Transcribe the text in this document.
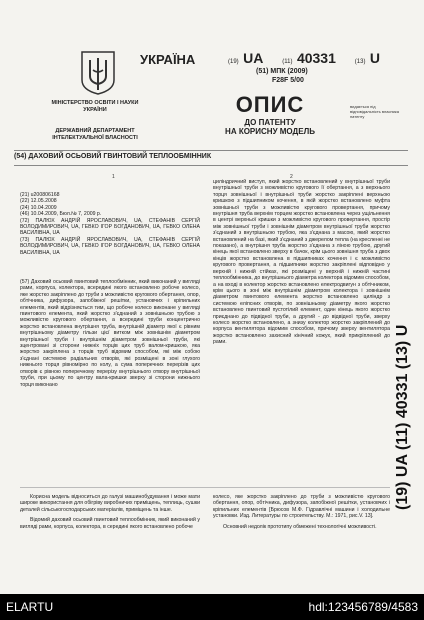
УКРАЇНА
МІНІСТЕРСТВО ОСВІТИ І НАУКИ УКРАЇНИ
ДЕРЖАВНИЙ ДЕПАРТАМЕНТ ІНТЕЛЕКТУАЛЬНОЇ ВЛАСНОСТІ
(19) UA	(11) 40331	(13) U
(51) МПК (2009)
F28F 5/00
ОПИС
ДО ПАТЕНТУ
НА КОРИСНУ МОДЕЛЬ
видається під відповідальність власника патенту
(54) ДАХОВИЙ ОСЬОВИЙ ГВИНТОВИЙ ТЕПЛООБМІННИК
1	2

(21) u200806168

(22) 12.05.2008

(24) 10.04.2009

(46) 10.04.2009, Бюл.№ 7, 2009 р.

(72) ПАЛЮХ АНДРІЙ ЯРОСЛАВОВИЧ, UA, СТЕФАНІВ СЕРГІЙ ВОЛОДИМИРОВИЧ, UA, ГЕВКО ІГОР БОГДАНОВИЧ, UA, ГЕВКО ОЛЕНА ВАСИЛІВНА, UA

(73) ПАЛЮХ АНДРІЙ ЯРОСЛАВОВИЧ, UA, СТЕФАНІВ СЕРГІЙ ВОЛОДИМИРОВИЧ, UA, ГЕВКО ІГОР БОГДАНОВИЧ, UA, ГЕВКО ОЛЕНА ВАСИЛІВНА, UA

(57) Даховий осьовий гвинтовий теплообмінник, який виконаний у вигляді рами, корпуса, колектора, всередині якого встановлено робоче колесо, яке жорстко закріплено до труби з можливістю кругового обертання, опор, обтічника, дифузора, запобіжної решітки, установчих і кріпильних елементів, який відрізняється тим, що робоче колесо виконане у вигляді гвинтового елемента, який жорстко з'єднаний з зовнішньою трубою з можливістю кругового обертання, а всередині труби концентрично жорстко встановлена внутрішня труба, внутрішній діаметр якої є рівним внутрішньому діаметру гільзи цієї витком між зовнішнім діаметром внутрішньої труби і внутрішнім діаметром зовнішньої труби, які зцентровані зі сторони нижніх торців цих труб валом-кришкою, яка жорстко закріплена з торців труб відомим способом, які між собою з'єднані системою радіальних отворів, які розміщені в зоні глухого нижнього торця рівномірно по колу, а сума поперечних перерізів цих отворів є рівною поперечному перерізу внутрішнього отвору внутрішньої труби, при цьому по центру вала-кришки зверху зі сторони нижнього торця виконано
циліндричний виступ, який жорстко встановлений у внутрішньої труби внутрішньої труби з можливістю кругового її обертання, а з верхнього торця зовнішньої і внутрішньої труби жорстко закріплені верхньою кришкою з підшипником кочення, в якій жорстко встановлено муфта зовнішньої труби з можливістю кругового провертання, причому внутрішня труба верхнім торцем жорстко встановлена через ущільнення в центрі верхньої кришки з можливістю кругового провертання, простір між зовнішньої труби і зовнішнім діаметром внутрішньої труби жорстко з'єднаний з внутрішньою трубою, яка з'єднана з масою, який жорстко встановлений на базі, який з'єднаний з джерелом тепла (на кресленні не показано), а внутрішня труба жорстко з'єднана з ліною трубою, другий кінець якої встановлено зверху в бачок, крім цього зовнішня труба з двох кінців жорстко встановлена в підшипниках кочення і є можливістю кругового провертання, а підшипники жорстко закріплені відповідно у верхній і нижній стійках, які розміщені у верхній і нижній частині теплообмінника, до внутрішнього діаметра колектора відомим способом, а на вході в колектор жорстко встановлено електродвигун з обтічником, крім цього в зоні між внутрішнім діаметром колектора і зовнішнім діаметром гвинтового елемента жорстко встановлено циліндр з системою еліпсних отворів, по зовнішньому діаметру якого жорстко встановлено гвинтовий пустотілий елемент, один кінець якого жорстко приєднано до підвідної труби, а другий - до відвідної труби, зверху колесо жорстко встановлено, а знизу колектор жорстко закріплений до корпуса вентилятора відомим способом, причому зверху вентилятора жорстко встановлено захисний кінічний кожух, який прикріплений до рами.

Корисна модель відноситься до галузі машинобудування і може мати широке використання для обігріву виробничих приміщень, теплиць, сушки деталей сільськогосподарських матеріалів, приміщень та інше.

Відомий даховий осьовий гвинтовий теплообмінник, який виконаний у вигляді рами, корпуса, колектора, в середині якого встановлено робоче

колесо, яке жорстко закріплено до труби з можливістю кругового обертання, опор, обтічника, дифузора, запобіжної решітки, установчих і кріпильних елементів [Брюсов М.Ф. Гідравлічні машини і холодильне установки. Изд. Литературы по строительству. М.: 1971, рис.V. 13].

Основний недолік прототипу обмежені технологічні можливості.

(19) UA (11) 40331 (13) U
ELARTU	hdl:123456789/4583
